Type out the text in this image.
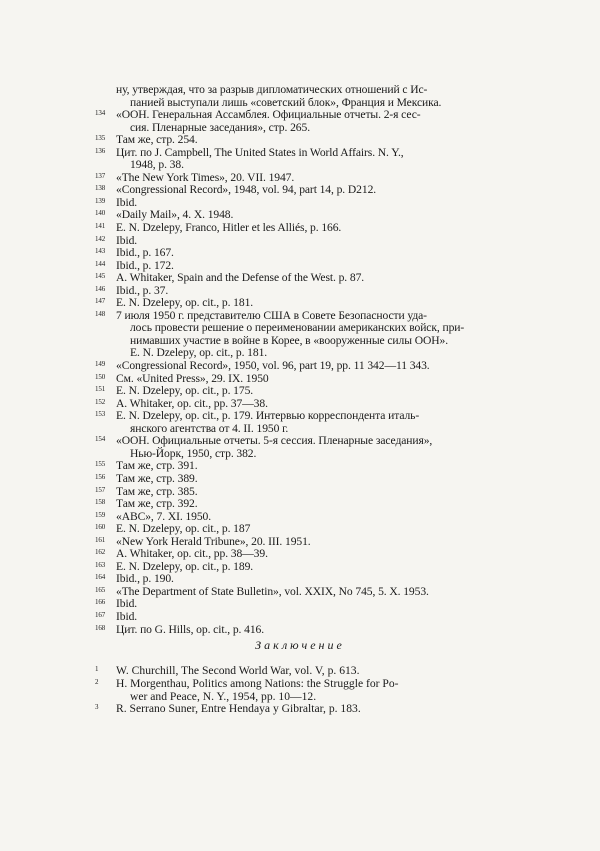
ну, утверждая, что за разрыв дипломатических отношений с Ис-
панией выступали лишь «советский блок», Франция и Мексика.
134 «ООН. Генеральная Ассамблея. Официальные отчеты. 2-я сес-
сия. Пленарные заседания», стр. 265.
135 Там же, стр. 254.
136 Цит. по J. Campbell, The United States in World Affairs. N. Y.,
1948, p. 38.
137 «The New York Times», 20. VII. 1947.
138 «Congressional Record», 1948, vol. 94, part 14, p. D212.
139 Ibid.
140 «Daily Mail», 4. X. 1948.
141 E. N. Dzelepy, Franco, Hitler et les Alliés, p. 166.
142 Ibid.
143 Ibid., p. 167.
144 Ibid., p. 172.
145 A. Whitaker, Spain and the Defense of the West. p. 87.
146 Ibid., p. 37.
147 E. N. Dzelepy, op. cit., p. 181.
148 7 июля 1950 г. представителю США в Совете Безопасности уда-
лось провести решение о переименовании американских войск, при-
нимавших участие в войне в Корее, в «вооруженные силы ООН».
E. N. Dzelepy, op. cit., p. 181.
149 «Congressional Record», 1950, vol. 96, part 19, pp. 11 342—11 343.
150 См. «United Press», 29. IX. 1950
151 E. N. Dzelepy, op. cit., p. 175.
152 A. Whitaker, op. cit., pp. 37—38.
153 E. N. Dzelepy, op. cit., p. 179. Интервью корреспондента италь-
янского агентства от 4. II. 1950 г.
154 «ООН. Официальные отчеты. 5-я сессия. Пленарные заседания»,
Нью-Йорк, 1950, стр. 382.
155 Там же, стр. 391.
156 Там же, стр. 389.
157 Там же, стр. 385.
158 Там же, стр. 392.
159 «ABC», 7. XI. 1950.
160 E. N. Dzelepy, op. cit., p. 187
161 «New York Herald Tribune», 20. III. 1951.
162 A. Whitaker, op. cit., pp. 38—39.
163 E. N. Dzelepy, op. cit., p. 189.
164 Ibid., p. 190.
165 «The Department of State Bulletin», vol. XXIX, No 745, 5. X. 1953.
166 Ibid.
167 Ibid.
168 Цит. по G. Hills, op. cit., p. 416.
Заключение
1 W. Churchill, The Second World War, vol. V, p. 613.
2 H. Morgenthau, Politics among Nations: the Struggle for Po-
wer and Peace, N. Y., 1954, pp. 10—12.
3 R. Serrano Suner, Entre Hendaya y Gibraltar, p. 183.
